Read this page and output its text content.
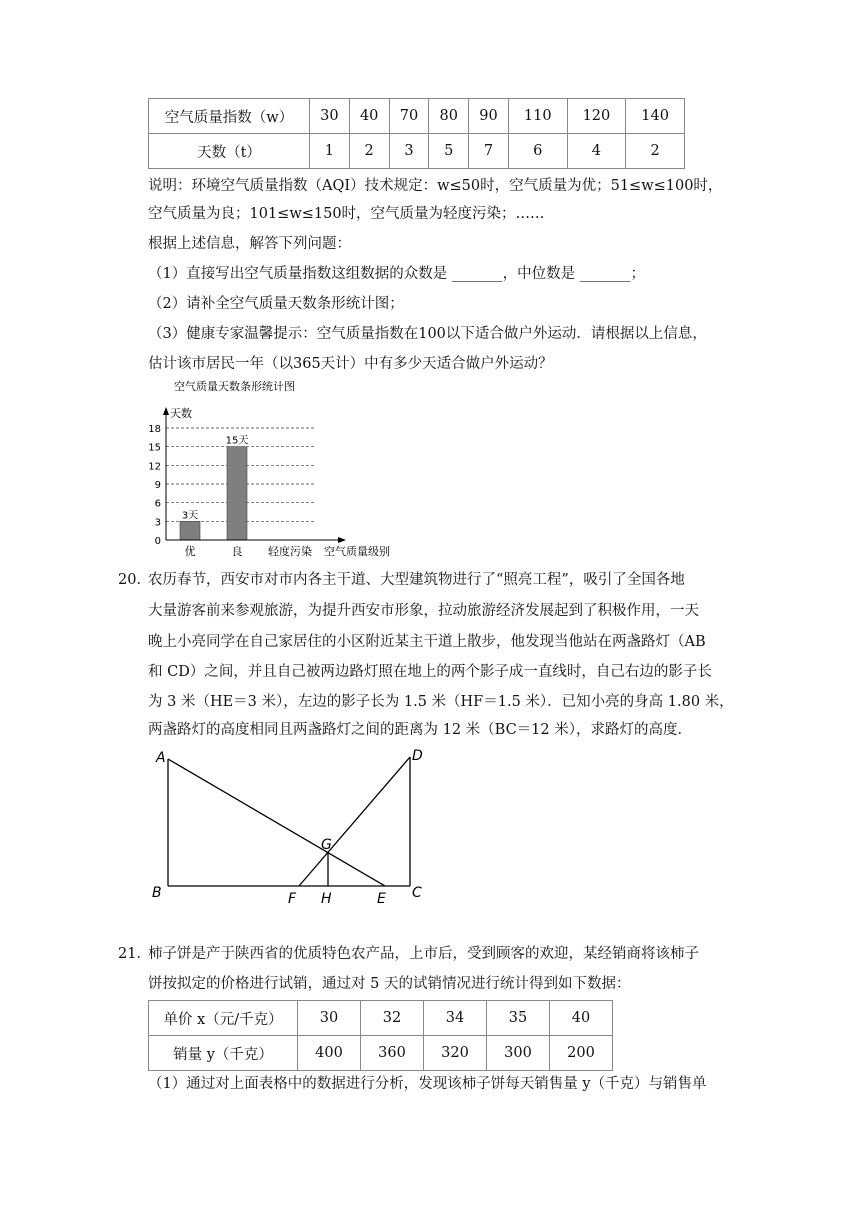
空气质量指数（w）	30	40	70	80	90	110	120	140
天数（t）	1	2	3	5	7	6	4	2
说明：环境空气质量指数（AQI）技术规定：w≤50时，空气质量为优；51≤w≤100时，
空气质量为良；101≤w≤150时，空气质量为轻度污染；……
根据上述信息，解答下列问题：
（1）直接写出空气质量指数这组数据的众数是 _______，中位数是 _______；
（2）请补全空气质量天数条形统计图；
（3）健康专家温馨提示：空气质量指数在100以下适合做户外运动．请根据以上信息，
估计该市居民一年（以365天计）中有多少天适合做户外运动？
空气质量天数条形统计图
0
3
6
9
12
15
18
3天
15天
优	良 轻度污染
天数
空气质量级别
20．
农历春节，西安市对市内各主干道、大型建筑物进行了“照亮工程”，吸引了全国各地
大量游客前来参观旅游，为提升西安市形象，拉动旅游经济发展起到了积极作用，一天
晚上小亮同学在自己家居住的小区附近某主干道上散步，他发现当他站在两盏路灯（AB
和 CD）之间，并且自己被两边路灯照在地上的两个影子成一直线时，自己右边的影子长
为 3 米（HE＝3 米），左边的影子长为 1.5 米（HF＝1.5 米）．已知小亮的身高 1.80 米，
两盏路灯的高度相同且两盏路灯之间的距离为 12 米（BC＝12 米），求路灯的高度．
A
B	C
D
E
F
G
H
21．
柿子饼是产于陕西省的优质特色农产品，上市后，受到顾客的欢迎，某经销商将该柿子
饼按拟定的价格进行试销，通过对 5 天的试销情况进行统计得到如下数据：
单价 x（元/千克）	30	32	34	35	40
销量 y（千克）	400	360	320	300	200
（1）通过对上面表格中的数据进行分析，发现该柿子饼每天销售量 y（千克）与销售单
